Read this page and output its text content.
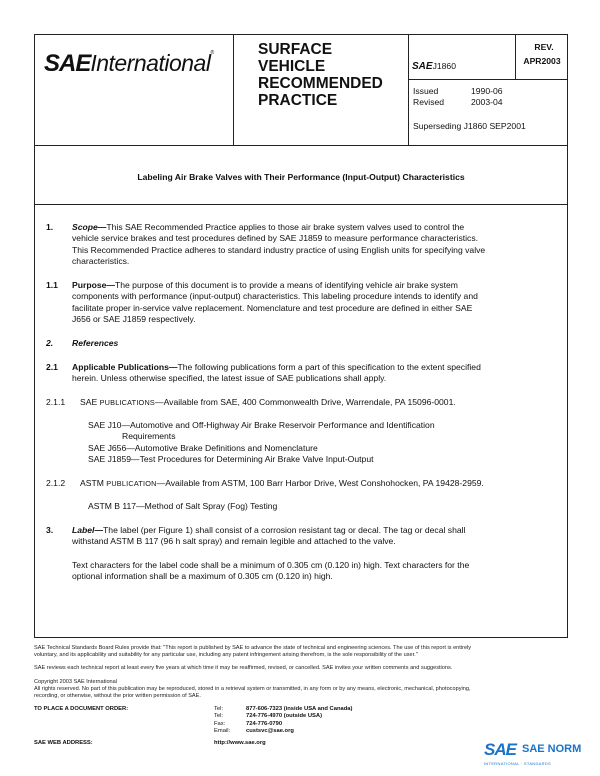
SAEInternational®	SURFACE
VEHICLE
RECOMMENDED
PRACTICE
SAEJ1860
REV.
APR2003
Issued	1990-06
Revised	2003-04
Superseding J1860 SEP2001
Labeling Air Brake Valves with Their Performance (Input-Output) Characteristics
1. Scope—This SAE Recommended Practice applies to those air brake system valves used to control the
vehicle service brakes and test procedures defined by SAE J1859 to measure performance characteristics.
This Recommended Practice adheres to standard industry practice of using English units for specifying valve
characteristics.
1.1 Purpose—The purpose of this document is to provide a means of identifying vehicle air brake system
components with performance (input-output) characteristics. This labeling procedure intends to identify and
facilitate proper in-service valve replacement. Nomenclature and test procedure are defined in either SAE
J656 or SAE J1859 respectively.
2. References
2.1 Applicable Publications—The following publications form a part of this specification to the extent specified
herein. Unless otherwise specified, the latest issue of SAE publications shall apply.
2.1.1 SAE PUBLICATIONS—Available from SAE, 400 Commonwealth Drive, Warrendale, PA 15096-0001.
SAE J10—Automotive and Off-Highway Air Brake Reservoir Performance and Identification
Requirements
SAE J656—Automotive Brake Definitions and Nomenclature
SAE J1859—Test Procedures for Determining Air Brake Valve Input-Output
2.1.2 ASTM PUBLICATION—Available from ASTM, 100 Barr Harbor Drive, West Conshohocken, PA 19428-2959.
ASTM B 117—Method of Salt Spray (Fog) Testing
3. Label—The label (per Figure 1) shall consist of a corrosion resistant tag or decal. The tag or decal shall
withstand ASTM B 117 (96 h salt spray) and remain legible and attached to the valve.
Text characters for the label code shall be a minimum of 0.305 cm (0.120 in) high. Text characters for the
optional information shall be a maximum of 0.305 cm (0.120 in) high.
SAE Technical Standards Board Rules provide that: "This report is published by SAE to advance the state of technical and engineering sciences. The use of this report is entirely
voluntary, and its applicability and suitability for any particular use, including any patent infringement arising therefrom, is the sole responsibility of the user."
SAE reviews each technical report at least every five years at which time it may be reaffirmed, revised, or cancelled. SAE invites your written comments and suggestions.
Copyright 2003 SAE International
All rights reserved. No part of this publication may be reproduced, stored in a retrieval system or transmitted, in any form or by any means, electronic, mechanical, photocopying,
recording, or otherwise, without the prior written permission of SAE.
TO PLACE A DOCUMENT ORDER:	Tel:	877-606-7323 (inside USA and Canada)
Tel:	724-776-4970 (outside USA)
Fax:	724-776-0790
Email:	custsvc@sae.org
SAE WEB ADDRESS:	http://www.sae.org	SAE SAE NORM
INTERNATIONAL · STANDARDS
